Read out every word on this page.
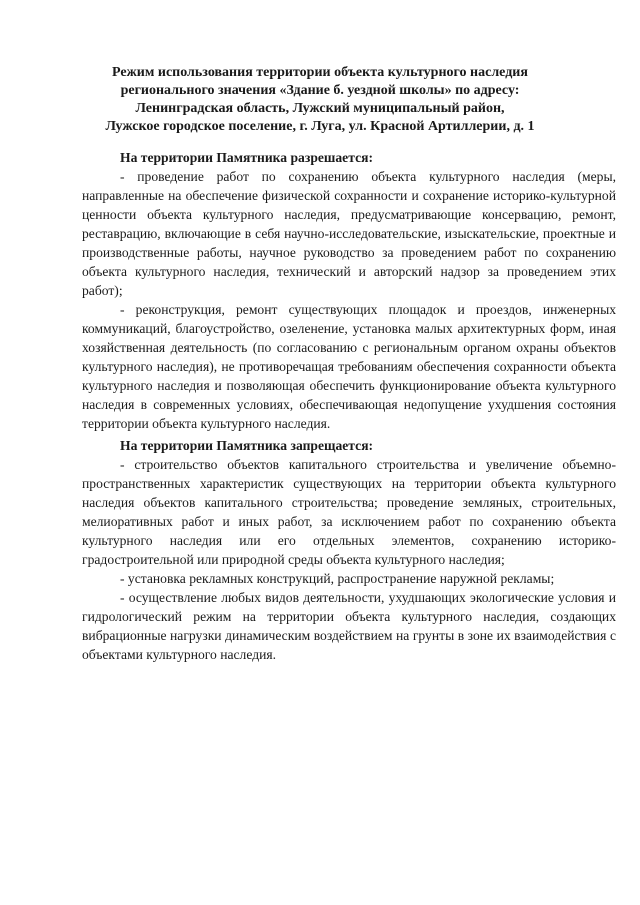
Режим использования территории объекта культурного наследия
регионального значения «Здание б. уездной школы» по адресу:
Ленинградская область, Лужский муниципальный район,
Лужское городское поселение, г. Луга, ул. Красной Артиллерии, д. 1

На территории Памятника разрешается:

- проведение работ по сохранению объекта культурного наследия (меры, направленные на обеспечение физической сохранности и сохранение историко-культурной ценности объекта культурного наследия, предусматривающие консервацию, ремонт, реставрацию, включающие в себя научно-исследовательские, изыскательские, проектные и производственные работы, научное руководство за проведением работ по сохранению объекта культурного наследия, технический и авторский надзор за проведением этих работ);

- реконструкция, ремонт существующих площадок и проездов, инженерных коммуникаций, благоустройство, озеленение, установка малых архитектурных форм, иная хозяйственная деятельность (по согласованию с региональным органом охраны объектов культурного наследия), не противоречащая требованиям обеспечения сохранности объекта культурного наследия и позволяющая обеспечить функционирование объекта культурного наследия в современных условиях, обеспечивающая недопущение ухудшения состояния территории объекта культурного наследия.

На территории Памятника запрещается:

- строительство объектов капитального строительства и увеличение объемно-пространственных характеристик существующих на территории объекта культурного наследия объектов капитального строительства; проведение земляных, строительных, мелиоративных работ и иных работ, за исключением работ по сохранению объекта культурного наследия или его отдельных элементов, сохранению историко-градостроительной или природной среды объекта культурного наследия;

- установка рекламных конструкций, распространение наружной рекламы;

- осуществление любых видов деятельности, ухудшающих экологические условия и гидрологический режим на территории объекта культурного наследия, создающих вибрационные нагрузки динамическим воздействием на грунты в зоне их взаимодействия с объектами культурного наследия.
